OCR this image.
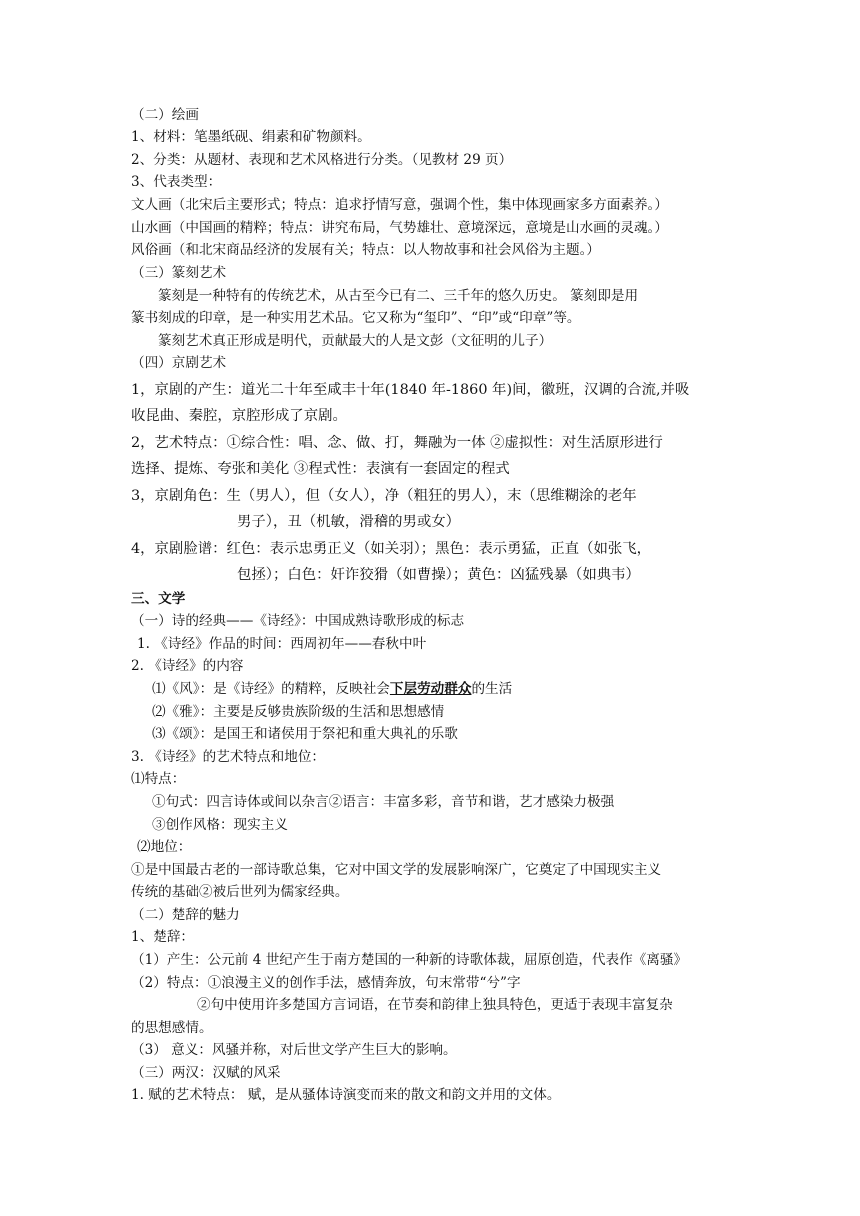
（二）绘画
1、材料：笔墨纸砚、绢素和矿物颜料。
2、分类：从题材、表现和艺术风格进行分类。（见教材 29 页）
3、代表类型：
文人画（北宋后主要形式；特点：追求抒情写意，强调个性，集中体现画家多方面素养。）
山水画（中国画的精粹；特点：讲究布局，气势雄壮、意境深远，意境是山水画的灵魂。）
风俗画（和北宋商品经济的发展有关；特点：以人物故事和社会风俗为主题。）
（三）篆刻艺术
篆刻是一种特有的传统艺术，从古至今已有二、三千年的悠久历史。 篆刻即是用
篆书刻成的印章，是一种实用艺术品。它又称为“玺印”、“印”或“印章”等。
篆刻艺术真正形成是明代，贡献最大的人是文彭（文征明的儿子）
（四）京剧艺术
1，京剧的产生：道光二十年至咸丰十年(1840 年-1860 年)间，徽班，汉调的合流,并吸
收昆曲、秦腔，京腔形成了京剧。
2，艺术特点：①综合性：唱、念、做、打，舞融为一体 ②虚拟性：对生活原形进行
选择、提炼、夸张和美化 ③程式性：表演有一套固定的程式
3，京剧角色：生（男人），但（女人），净（粗狂的男人），末（思维糊涂的老年
男子），丑（机敏，滑稽的男或女）
4，京剧脸谱：红色：表示忠勇正义（如关羽）；黑色：表示勇猛，正直（如张飞，
包拯）；白色：奸诈狡猾（如曹操）；黄色：凶猛残暴（如典韦）
三、文学
（一）诗的经典——《诗经》：中国成熟诗歌形成的标志
1. 《诗经》作品的时间：西周初年——春秋中叶
2. 《诗经》的内容
⑴《风》：是《诗经》的精粹，反映社会下层劳动群众的生活
⑵《雅》：主要是反够贵族阶级的生活和思想感情
⑶《颂》：是国王和诸侯用于祭祀和重大典礼的乐歌
3. 《诗经》的艺术特点和地位：
⑴特点：
①句式：四言诗体或间以杂言②语言：丰富多彩，音节和谐，艺才感染力极强
③创作风格：现实主义
⑵地位：
①是中国最古老的一部诗歌总集，它对中国文学的发展影响深广，它奠定了中国现实主义
传统的基础②被后世列为儒家经典。
（二）楚辞的魅力
1、楚辞：
（1）产生：公元前 4 世纪产生于南方楚国的一种新的诗歌体裁，屈原创造，代表作《离骚》
（2）特点：①浪漫主义的创作手法，感情奔放，句末常带“兮”字
②句中使用许多楚国方言词语，在节奏和韵律上独具特色，更适于表现丰富复杂
的思想感情。
（3） 意义：风骚并称，对后世文学产生巨大的影响。
（三）两汉：汉赋的风采
1. 赋的艺术特点： 赋，是从骚体诗演变而来的散文和韵文并用的文体。
